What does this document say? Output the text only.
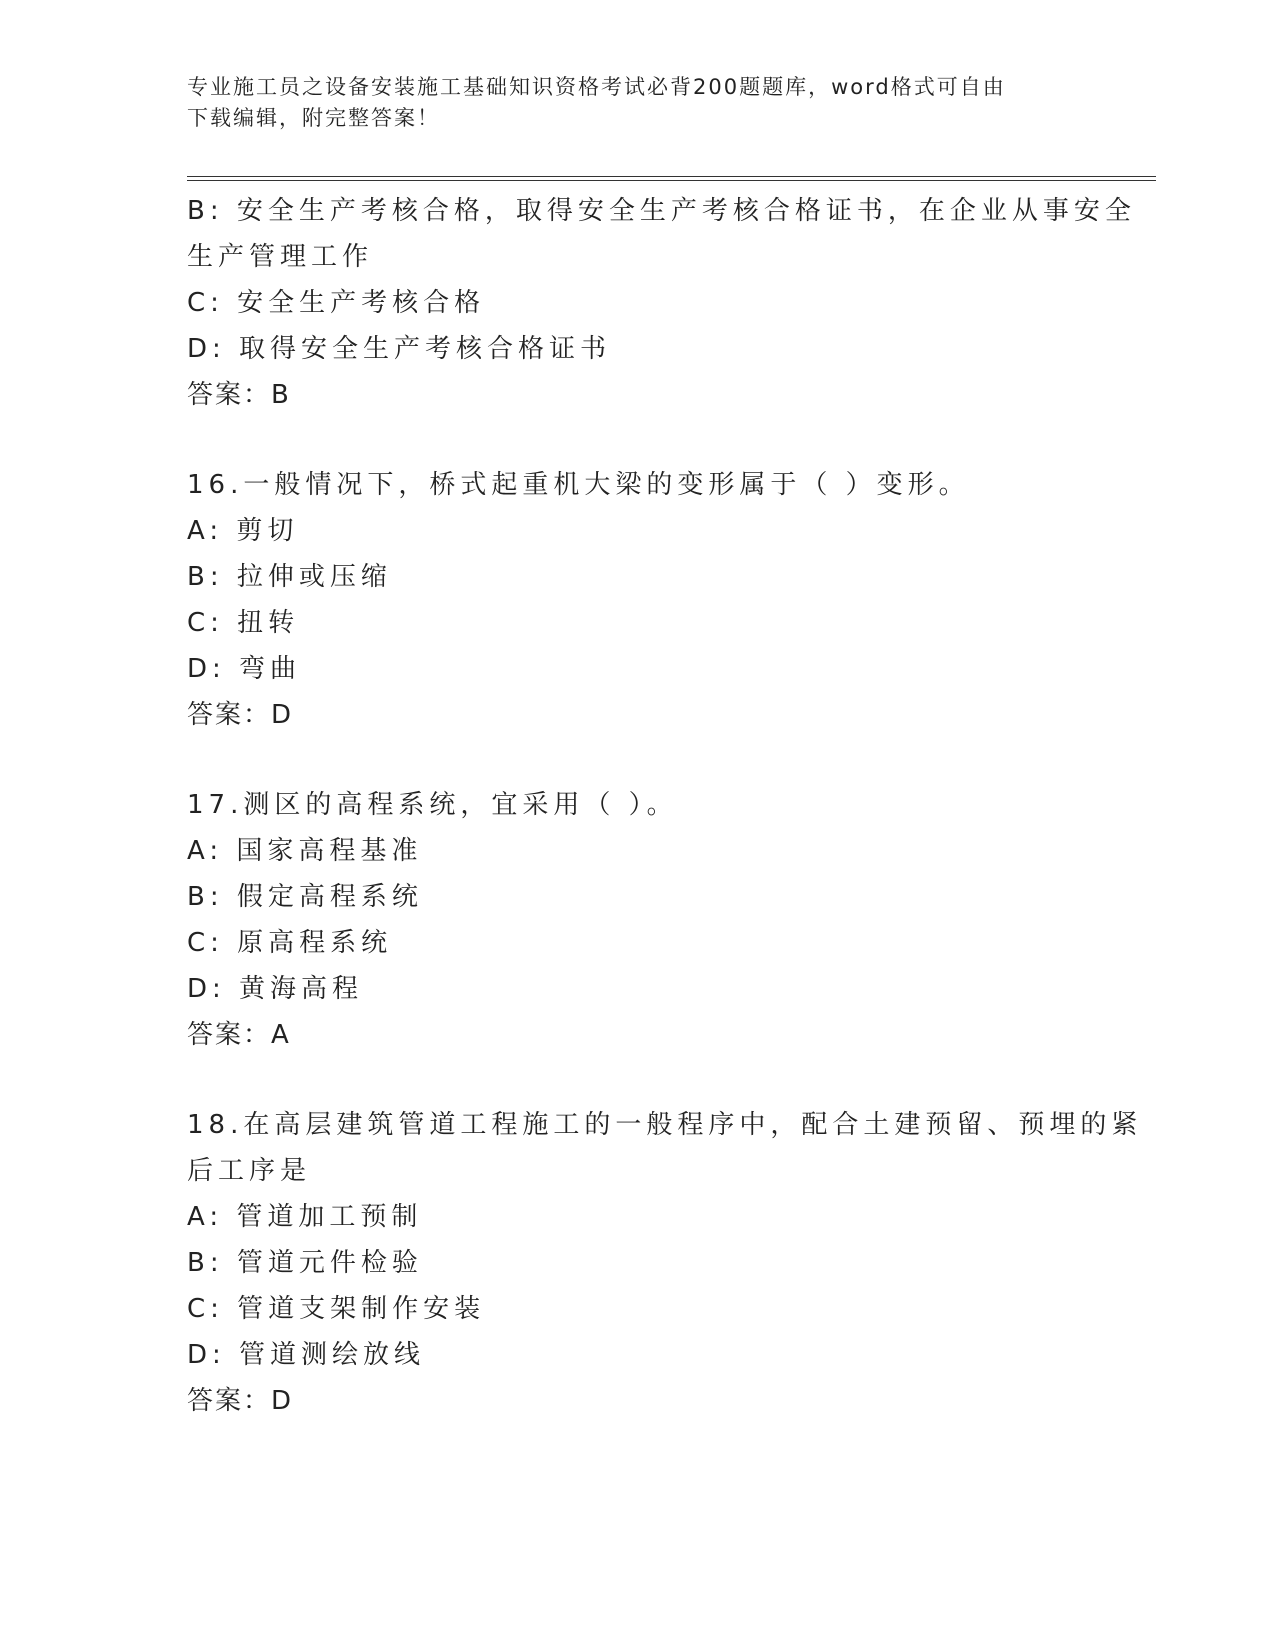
专业施工员之设备安装施工基础知识资格考试必背200题题库，word格式可自由
下载编辑，附完整答案！
B: 安全生产考核合格，取得安全生产考核合格证书，在企业从事安全
生产管理工作
C: 安全生产考核合格
D: 取得安全生产考核合格证书
答案：B
16.一般情况下，桥式起重机大梁的变形属于（ ）变形。
A: 剪切
B: 拉伸或压缩
C: 扭转
D: 弯曲
答案：D
17.测区的高程系统，宜采用（ ）。
A: 国家高程基准
B: 假定高程系统
C: 原高程系统
D: 黄海高程
答案：A
18.在高层建筑管道工程施工的一般程序中，配合土建预留、预埋的紧
后工序是
A: 管道加工预制
B: 管道元件检验
C: 管道支架制作安装
D: 管道测绘放线
答案：D
